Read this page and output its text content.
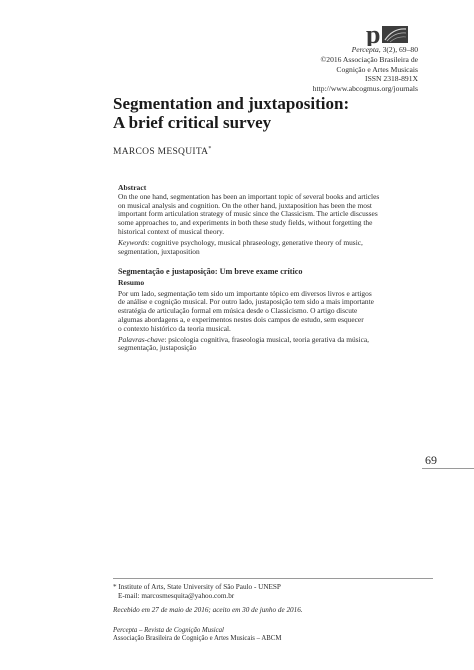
p
Percepta, 3(2), 69–80
©2016 Associação Brasileira de
Cognição e Artes Musicais
ISSN 2318-891X
http://www.abcogmus.org/journals
Segmentation and juxtaposition:
A brief critical survey
MARCOS MESQUITA*
Abstract
On the one hand, segmentation has been an important topic of several books and articles
on musical analysis and cognition. On the other hand, juxtaposition has been the most
important form articulation strategy of music since the Classicism. The article discusses
some approaches to, and experiments in both these study fields, without forgetting the
historical context of musical theory.
Keywords: cognitive psychology, musical phraseology, generative theory of music,
segmentation, juxtaposition
Segmentação e justaposição: Um breve exame crítico
Resumo
Por um lado, segmentação tem sido um importante tópico em diversos livros e artigos
de análise e cognição musical. Por outro lado, justaposição tem sido a mais importante
estratégia de articulação formal em música desde o Classicismo. O artigo discute
algumas abordagens a, e experimentos nestes dois campos de estudo, sem esquecer
o contexto histórico da teoria musical.
Palavras-chave: psicologia cognitiva, fraseologia musical, teoria gerativa da música,
segmentação, justaposição
69
* Institute of Arts, State University of São Paulo - UNESP
E-mail: marcosmesquita@yahoo.com.br
Recebido em 27 de maio de 2016; aceito em 30 de junho de 2016.
Percepta – Revista de Cognição Musical
Associação Brasileira de Cognição e Artes Musicais – ABCM
